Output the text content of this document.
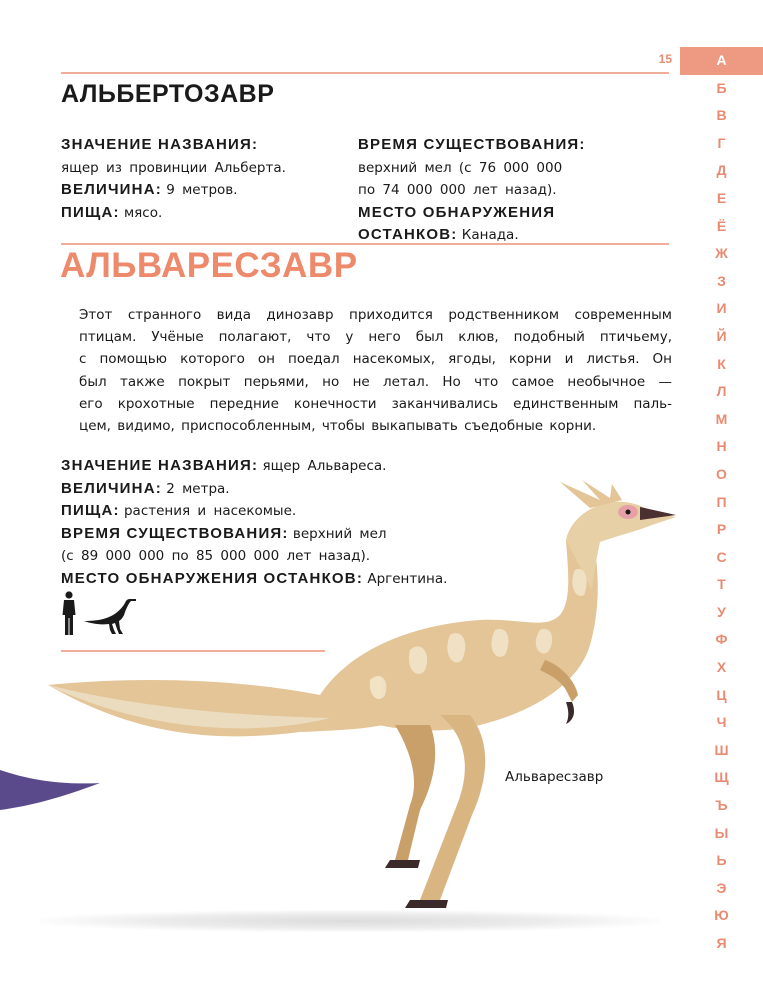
15	А
Б
В
Г
Д
Е
Ё
Ж
З
И
Й
К
Л
М
Н
О
П
Р
С
Т
У
Ф
Х
Ц
Ч
Ш
Щ
Ъ
Ы
Ь
Э
Ю
Я
АЛЬБЕРТОЗАВР
ЗНАЧЕНИЕ НАЗВАНИЯ:
ящер из провинции Альберта.
ВЕЛИЧИНА: 9 метров.
ПИЩА: мясо.
ВРЕМЯ СУЩЕСТВОВАНИЯ:
верхний мел (с 76 000 000
по 74 000 000 лет назад).
МЕСТО ОБНАРУЖЕНИЯ
ОСТАНКОВ: Канада.
АЛЬВАРЕСЗАВР
Этот странного вида динозавр приходится родственником современным
птицам. Учёные полагают, что у него был клюв, подобный птичьему,
с помощью которого он поедал насекомых, ягоды, корни и листья. Он
был также покрыт перьями, но не летал. Но что самое необычное —
его крохотные передние конечности заканчивались единственным паль-
цем, видимо, приспособленным, чтобы выкапывать съедобные корни.
ЗНАЧЕНИЕ НАЗВАНИЯ: ящер Альвареса.
ВЕЛИЧИНА: 2 метра.
ПИЩА: растения и насекомые.
ВРЕМЯ СУЩЕСТВОВАНИЯ: верхний мел
(с 89 000 000 по 85 000 000 лет назад).
МЕСТО ОБНАРУЖЕНИЯ ОСТАНКОВ: Аргентина.
Альваресзавр
